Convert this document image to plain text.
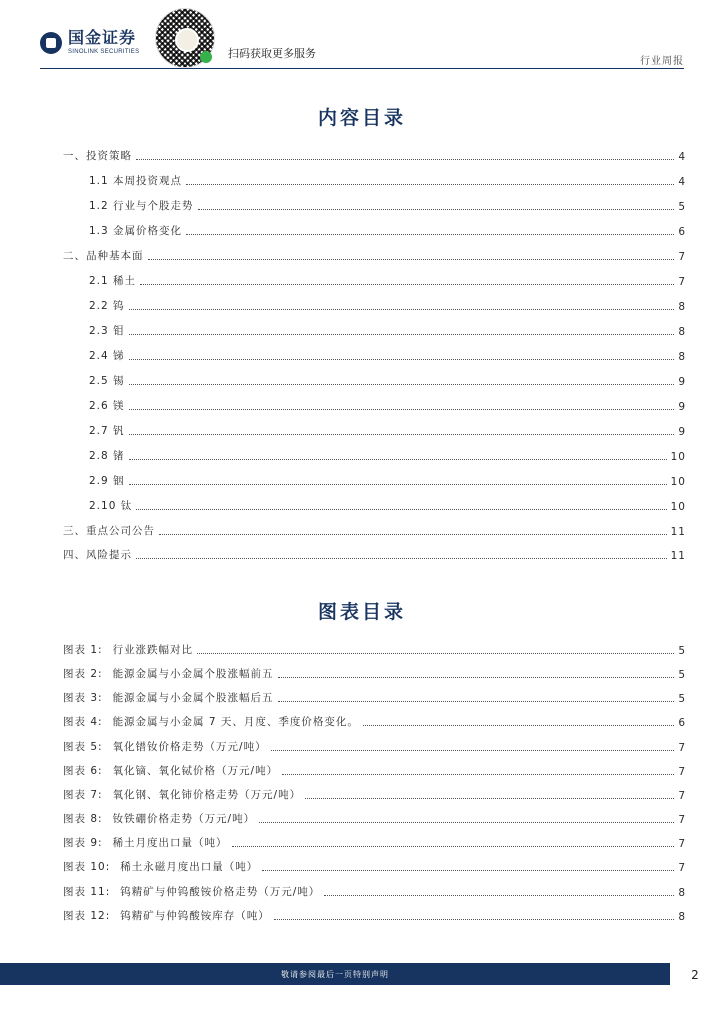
国金证券
SINOLINK SECURITIES	扫码获取更多服务
行业周报
内容目录
一、投资策略	4
1.1 本周投资观点	4
1.2 行业与个股走势	5
1.3 金属价格变化	6
二、品种基本面	7
2.1 稀土	7
2.2 钨	8
2.3 钼	8
2.4 锑	8
2.5 锡	9
2.6 镁	9
2.7 钒	9
2.8 锗	10
2.9 铟	10
2.10 钛	10
三、重点公司公告	11
四、风险提示	11
图表目录
图表 1: 行业涨跌幅对比	5
图表 2: 能源金属与小金属个股涨幅前五	5
图表 3: 能源金属与小金属个股涨幅后五	5
图表 4: 能源金属与小金属 7 天、月度、季度价格变化。	6
图表 5: 氧化镨钕价格走势（万元/吨）	7
图表 6: 氧化镝、氧化铽价格（万元/吨）	7
图表 7: 氧化钢、氧化铈价格走势（万元/吨）	7
图表 8: 钕铁硼价格走势（万元/吨）	7
图表 9: 稀土月度出口量（吨）	7
图表 10: 稀土永磁月度出口量（吨）	7
图表 11: 钨精矿与仲钨酸铵价格走势（万元/吨）	8
图表 12: 钨精矿与仲钨酸铵库存（吨）	8
敬请参阅最后一页特别声明	2
